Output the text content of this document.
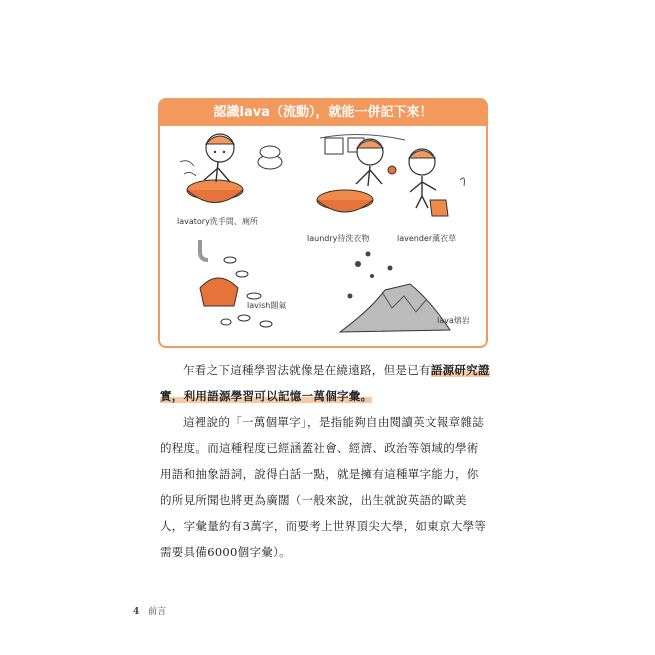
認識lava（流動），就能一併記下來！
lavatory洗手間、廁所
laundry待洗衣物	lavender薰衣草
lavish闊氣
lava熔岩
乍看之下這種學習法就像是在繞遠路，但是已有語源研究證實，利用語源學習可以記憶一萬個字彙。
這裡說的「一萬個單字」，是指能夠自由閱讀英文報章雜誌的程度。而這種程度已經涵蓋社會、經濟、政治等領域的學術用語和抽象語詞，說得白話一點，就是擁有這種單字能力，你的所見所聞也將更為廣闊（一般來說，出生就說英語的歐美人，字彙量約有3萬字，而要考上世界頂尖大學，如東京大學等需要具備6000個字彙）。
4 前言
